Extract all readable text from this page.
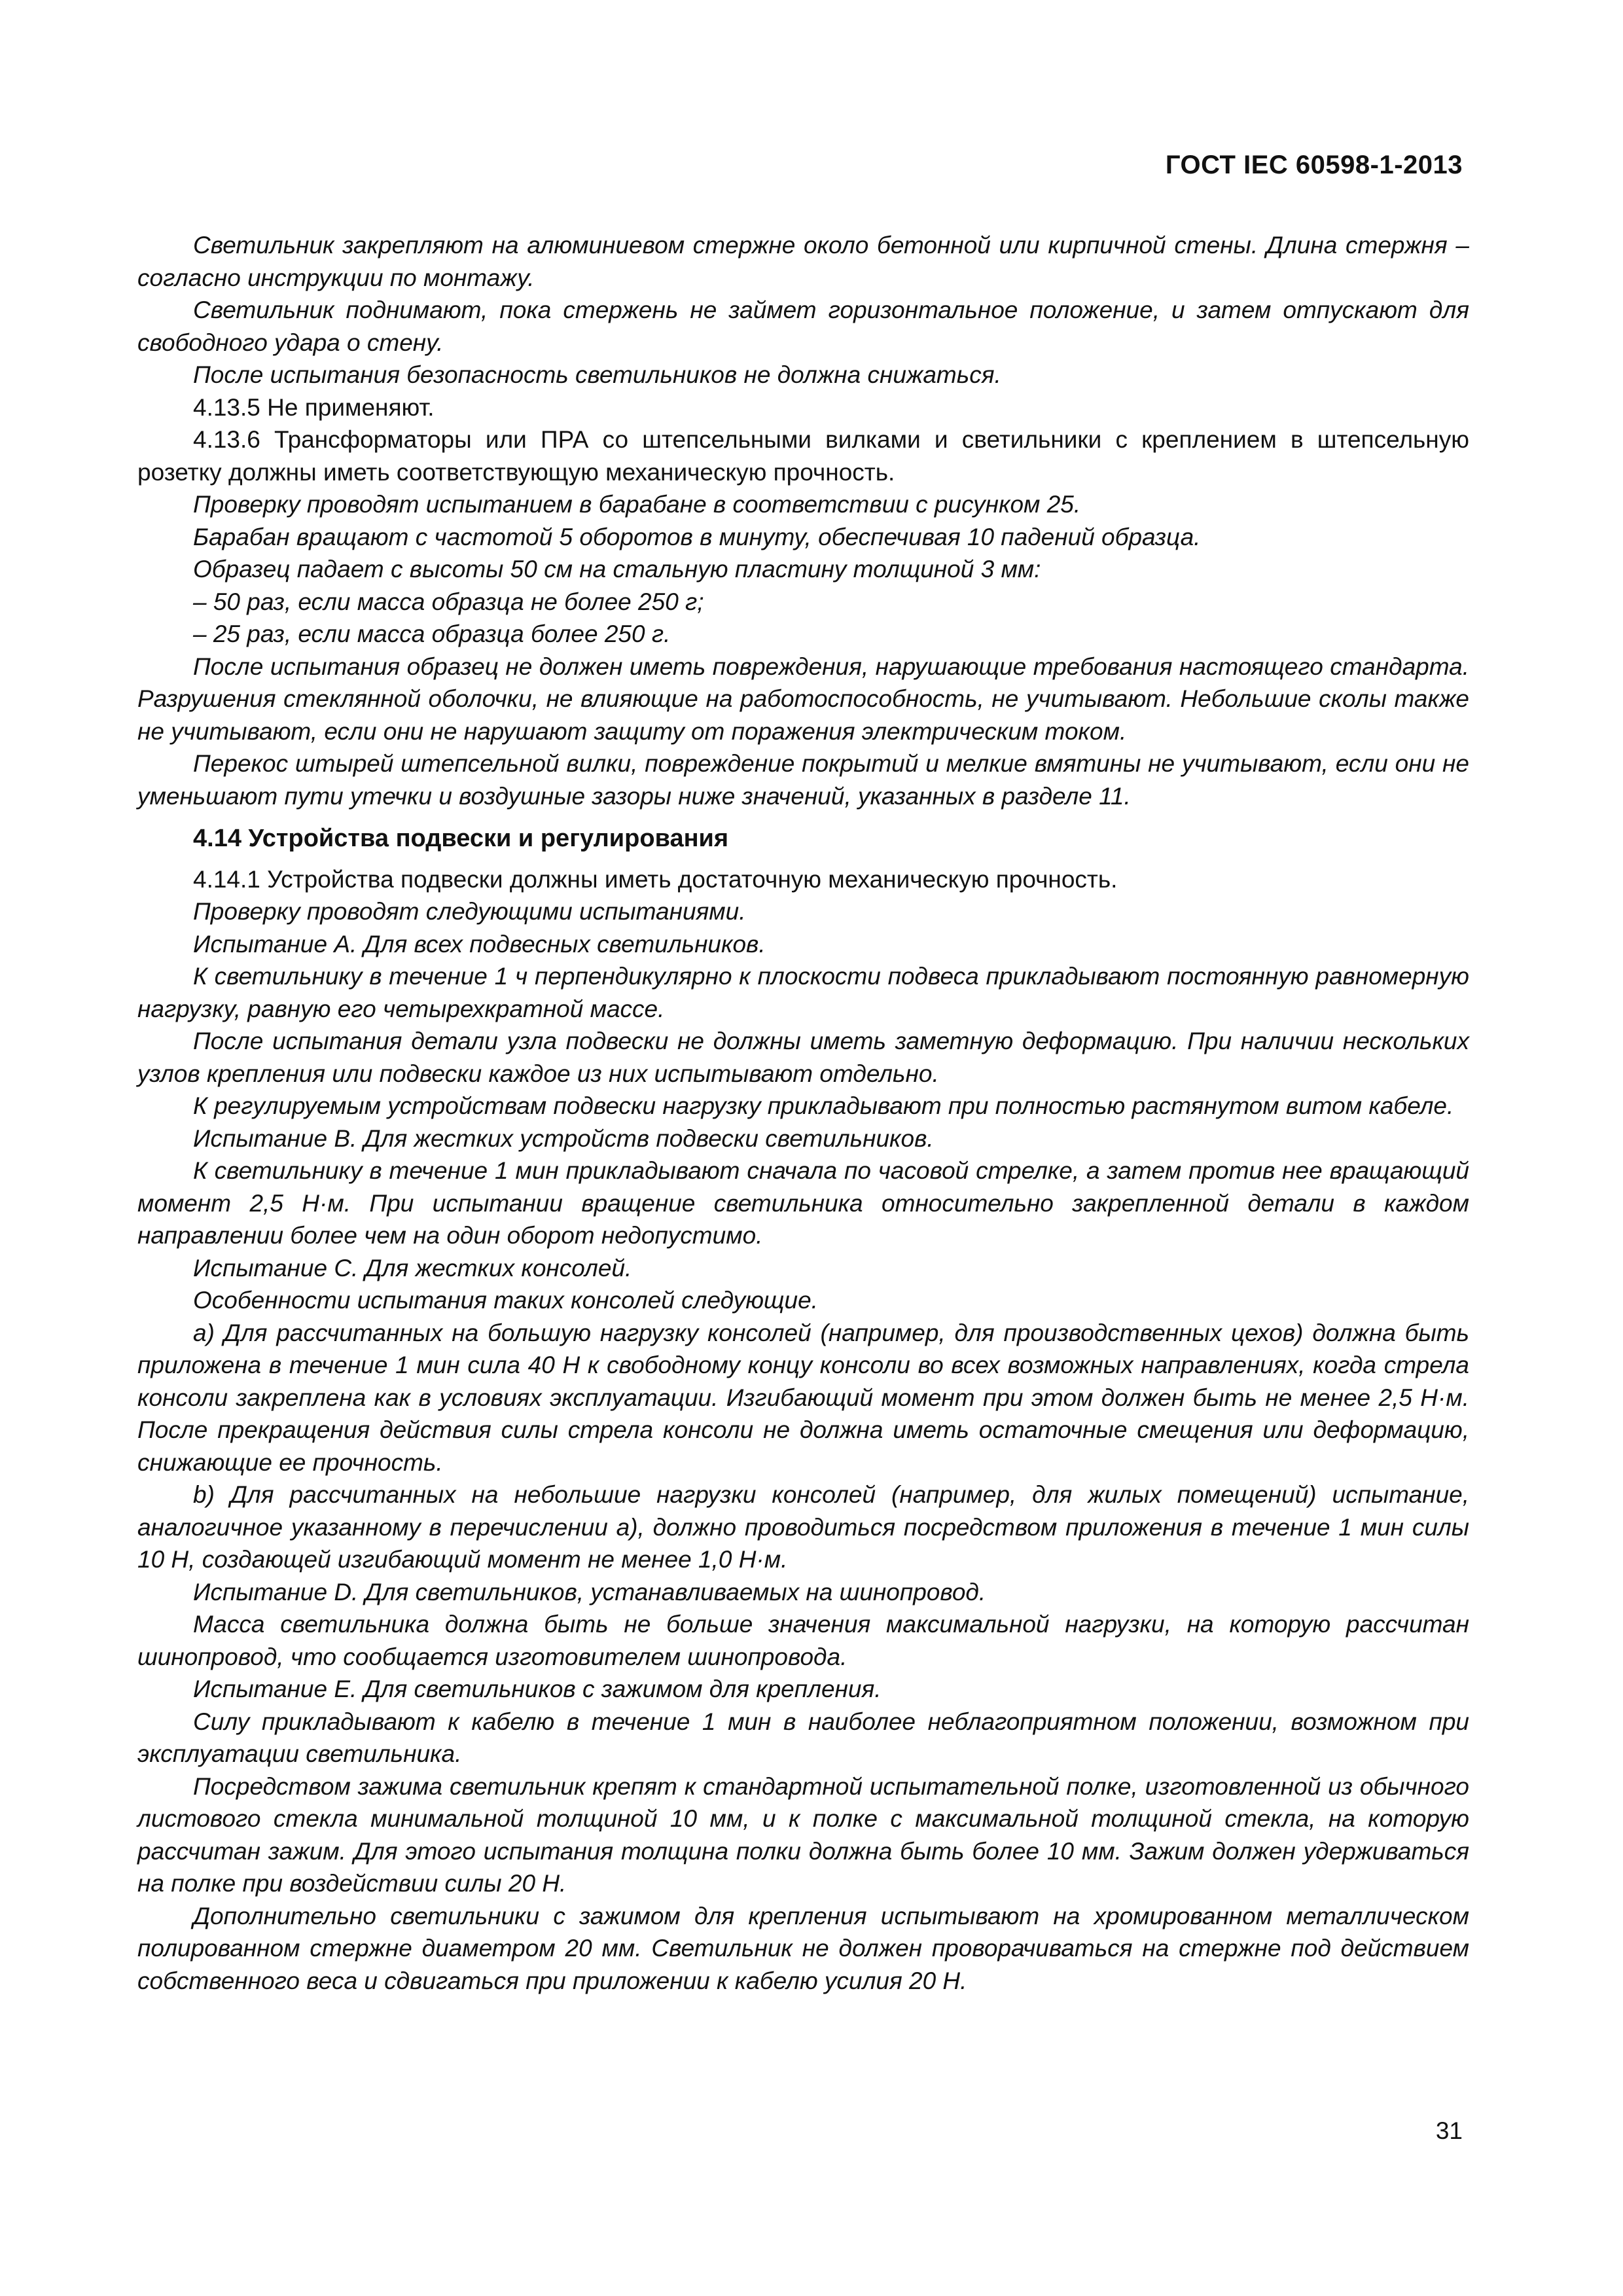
ГОСТ IEC 60598-1-2013

Светильник закрепляют на алюминиевом стержне около бетонной или кирпичной стены. Длина стержня – согласно инструкции по монтажу.

Светильник поднимают, пока стержень не займет горизонтальное положение, и затем отпускают для свободного удара о стену.

После испытания безопасность светильников не должна снижаться.

4.13.5 Не применяют.

4.13.6 Трансформаторы или ПРА со штепсельными вилками и светильники с креплением в штепсельную розетку должны иметь соответствующую механическую прочность.

Проверку проводят испытанием в барабане в соответствии с рисунком 25.

Барабан вращают с частотой 5 оборотов в минуту, обеспечивая 10 падений образца.

Образец падает с высоты 50 см на стальную пластину толщиной 3 мм:

– 50 раз, если масса образца не более 250 г;

– 25 раз, если масса образца более 250 г.

После испытания образец не должен иметь повреждения, нарушающие требования настоящего стандарта. Разрушения стеклянной оболочки, не влияющие на работоспособность, не учитывают. Небольшие сколы также не учитывают, если они не нарушают защиту от поражения электрическим током.

Перекос штырей штепсельной вилки, повреждение покрытий и мелкие вмятины не учитывают, если они не уменьшают пути утечки и воздушные зазоры ниже значений, указанных в разделе 11.

4.14 Устройства подвески и регулирования

4.14.1 Устройства подвески должны иметь достаточную механическую прочность.

Проверку проводят следующими испытаниями.

Испытание А. Для всех подвесных светильников.

К светильнику в течение 1 ч перпендикулярно к плоскости подвеса прикладывают постоянную равномерную нагрузку, равную его четырехкратной массе.

После испытания детали узла подвески не должны иметь заметную деформацию. При наличии нескольких узлов крепления или подвески каждое из них испытывают отдельно.

К регулируемым устройствам подвески нагрузку прикладывают при полностью растянутом витом кабеле.

Испытание В. Для жестких устройств подвески светильников.

К светильнику в течение 1 мин прикладывают сначала по часовой стрелке, а затем против нее вращающий момент 2,5 Н·м. При испытании вращение светильника относительно закрепленной детали в каждом направлении более чем на один оборот недопустимо.

Испытание С. Для жестких консолей.

Особенности испытания таких консолей следующие.

а) Для рассчитанных на большую нагрузку консолей (например, для производственных цехов) должна быть приложена в течение 1 мин сила 40 Н к свободному концу консоли во всех возможных направлениях, когда стрела консоли закреплена как в условиях эксплуатации. Изгибающий момент при этом должен быть не менее 2,5 Н·м. После прекращения действия силы стрела консоли не должна иметь остаточные смещения или деформацию, снижающие ее прочность.

b) Для рассчитанных на небольшие нагрузки консолей (например, для жилых помещений) испытание, аналогичное указанному в перечислении а), должно проводиться посредством приложения в течение 1 мин силы 10 Н, создающей изгибающий момент не менее 1,0 Н·м.

Испытание D. Для светильников, устанавливаемых на шинопровод.

Масса светильника должна быть не больше значения максимальной нагрузки, на которую рассчитан шинопровод, что сообщается изготовителем шинопровода.

Испытание Е. Для светильников с зажимом для крепления.

Силу прикладывают к кабелю в течение 1 мин в наиболее неблагоприятном положении, возможном при эксплуатации светильника.

Посредством зажима светильник крепят к стандартной испытательной полке, изготовленной из обычного листового стекла минимальной толщиной 10 мм, и к полке с максимальной толщиной стекла, на которую рассчитан зажим. Для этого испытания толщина полки должна быть более 10 мм. Зажим должен удерживаться на полке при воздействии силы 20 Н.

Дополнительно светильники с зажимом для крепления испытывают на хромированном металлическом полированном стержне диаметром 20 мм. Светильник не должен проворачиваться на стержне под действием собственного веса и сдвигаться при приложении к кабелю усилия 20 Н.

31
